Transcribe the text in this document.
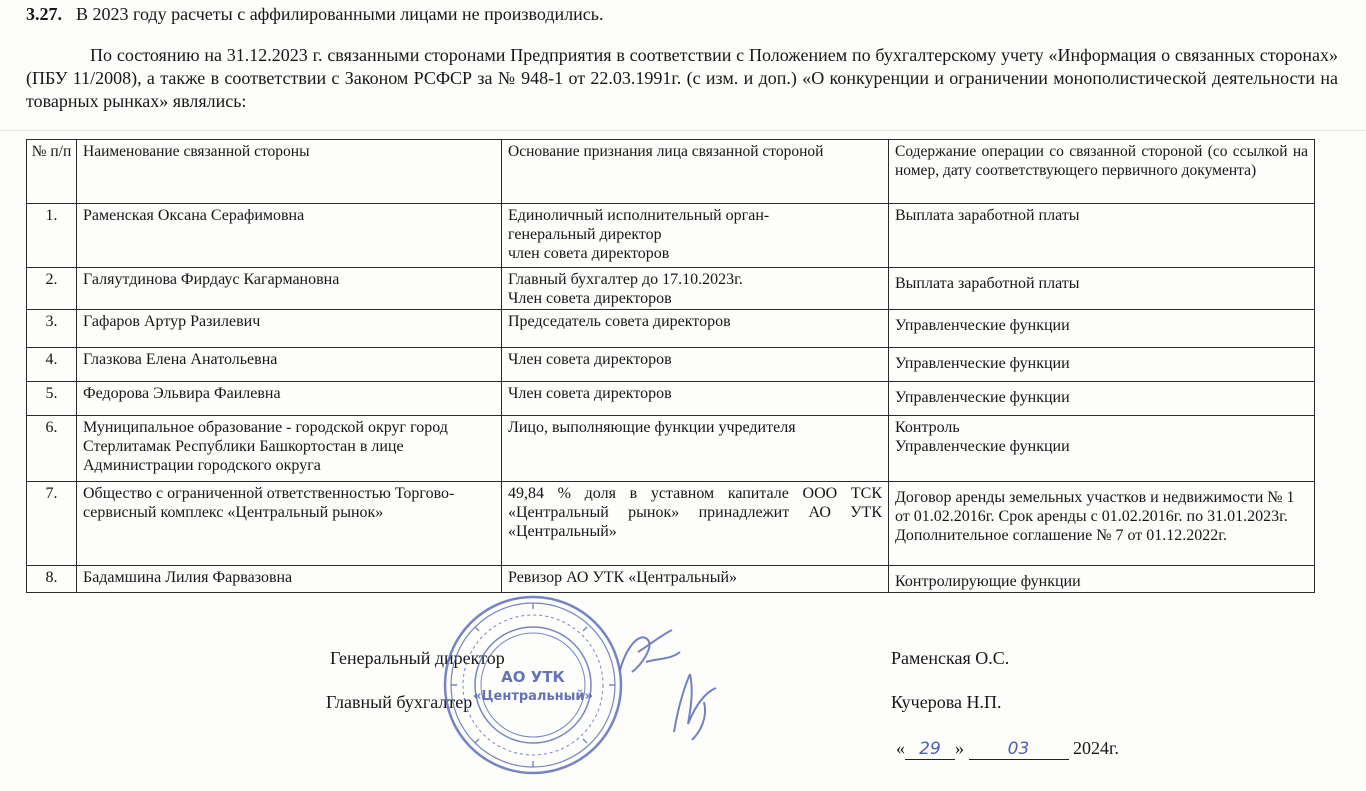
3.27. В 2023 году расчеты с аффилированными лицами не производились.
По состоянию на 31.12.2023 г. связанными сторонами Предприятия в соответствии с Положением по бухгалтерскому учету «Информация о связанных сторонах» (ПБУ 11/2008), а также в соответствии с Законом РСФСР за № 948-1 от 22.03.1991г. (с изм. и доп.) «О конкуренции и ограничении монополистической деятельности на товарных рынках» являлись:
№ п/п	Наименование связанной стороны	Основание признания лица связанной стороной	Содержание операции со связанной стороной (со ссылкой на номер, дату соответствующего первичного документа)
1.	Раменская Оксана Серафимовна	Единоличный исполнительный орган-
генеральный директор
член совета директоров	Выплата заработной платы

2.	Галяутдинова Фирдаус Кагармановна	Главный бухгалтер до 17.10.2023г.
Член совета директоров	Выплата заработной платы

3.	Гафаров Артур Разилевич	Председатель совета директоров	Управленческие функции

4.	Глазкова Елена Анатольевна	Член совета директоров	Управленческие функции

5.	Федорова Эльвира Фаилевна	Член совета директоров	Управленческие функции

6.	Муниципальное образование - городской округ город Стерлитамак Республики Башкортостан в лице Администрации городского округа	Лицо, выполняющие функции учредителя	Контроль
Управленческие функции

7.	Общество с ограниченной ответственностью Торгово-сервисный комплекс «Центральный рынок»	49,84 % доля в уставном капитале ООО ТСК «Центральный рынок» принадлежит АО УТК «Центральный»	Договор аренды земельных участков и недвижимости № 1 от 01.02.2016г. Срок аренды с 01.02.2016г. по 31.01.2023г.
Дополнительное соглашение № 7 от 01.12.2022г.

8.	Бадамшина Лилия Фарвазовна	Ревизор АО УТК «Центральный»	Контролирующие функции
Генеральный директор	Раменская О.С.
Главный бухгалтер	Кучерова Н.П.
АО УТК
«Центральный»
« 29 »	03 2024г.
